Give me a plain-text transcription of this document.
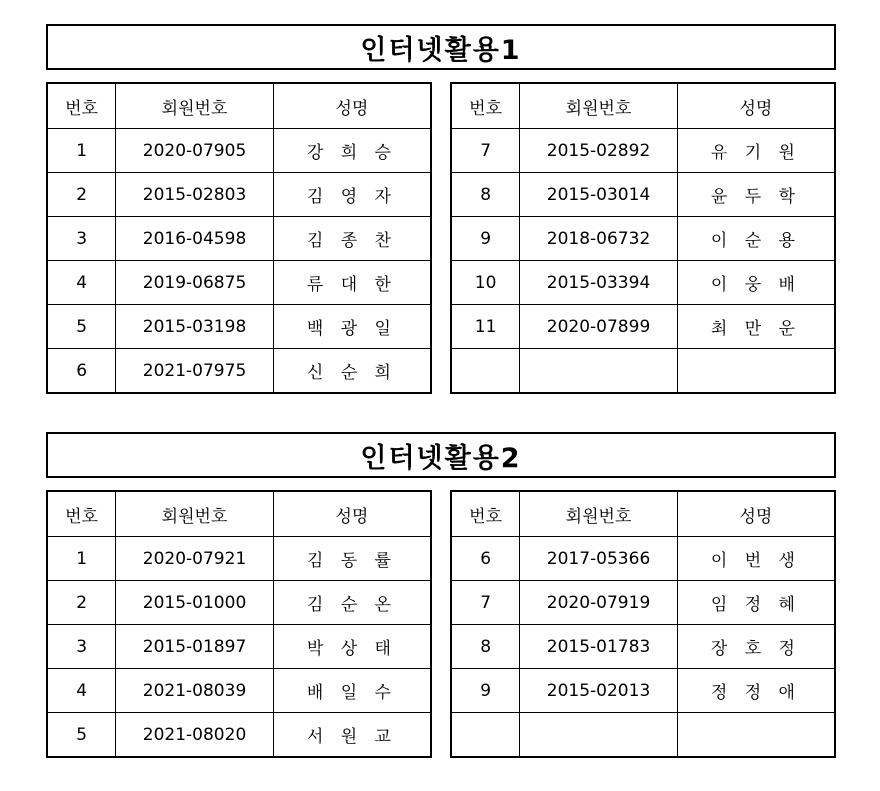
인터넷활용1
번호	회원번호	성명
1	2020-07905	강 희 승
2	2015-02803	김 영 자
3	2016-04598	김 종 찬
4	2019-06875	류 대 한
5	2015-03198	백 광 일
6	2021-07975	신 순 희
번호	회원번호	성명
7	2015-02892	유 기 원
8	2015-03014	윤 두 학
9	2018-06732	이 순 용
10	2015-03394	이 웅 배
11	2020-07899	최 만 운

인터넷활용2
번호	회원번호	성명
1	2020-07921	김 동 률
2	2015-01000	김 순 온
3	2015-01897	박 상 태
4	2021-08039	배 일 수
5	2021-08020	서 원 교
번호	회원번호	성명
6	2017-05366	이 번 생
7	2020-07919	임 정 혜
8	2015-01783	장 호 정
9	2015-02013	정 정 애
